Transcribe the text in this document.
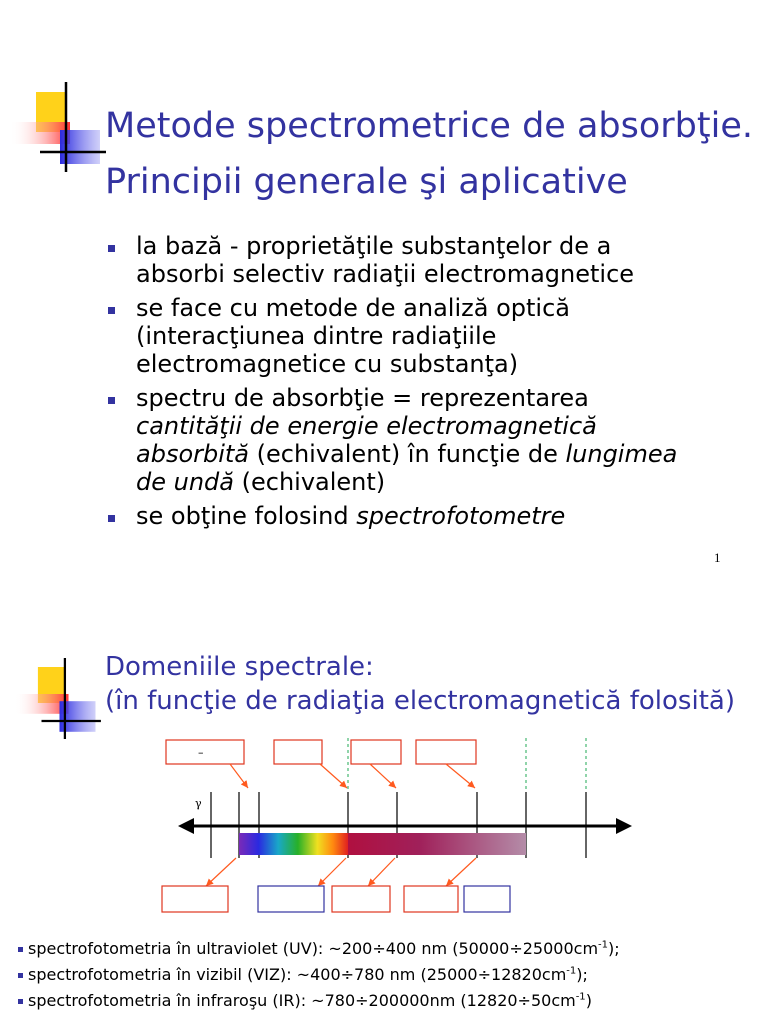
Metode spectrometrice de absorbţie.
Principii generale şi aplicative
la bază - proprietăţile substanţelor de a
absorbi selectiv radiaţii electromagnetice
se face cu metode de analiză optică
(interacţiunea dintre radiaţiile
electromagnetice cu substanţa)
spectru de absorbţie = reprezentarea
cantităţii de energie electromagnetică
absorbită (echivalent) în funcţie de lungimea
de undă (echivalent)
se obţine folosind spectrofotometre
1
Domeniile spectrale:
(în funcţie de radiaţia electromagnetică folosită)
–
γ
spectrofotometria în ultraviolet (UV): ~200÷400 nm $(50000\div 25000cm^{-1})$;
spectrofotometria în vizibil (VIZ): ~400÷780 nm $(25000\div 12820cm^{-1})$;
spectrofotometria în infraroşu (IR): ~780÷200000nm $(12820\div 50cm^{-1})$
